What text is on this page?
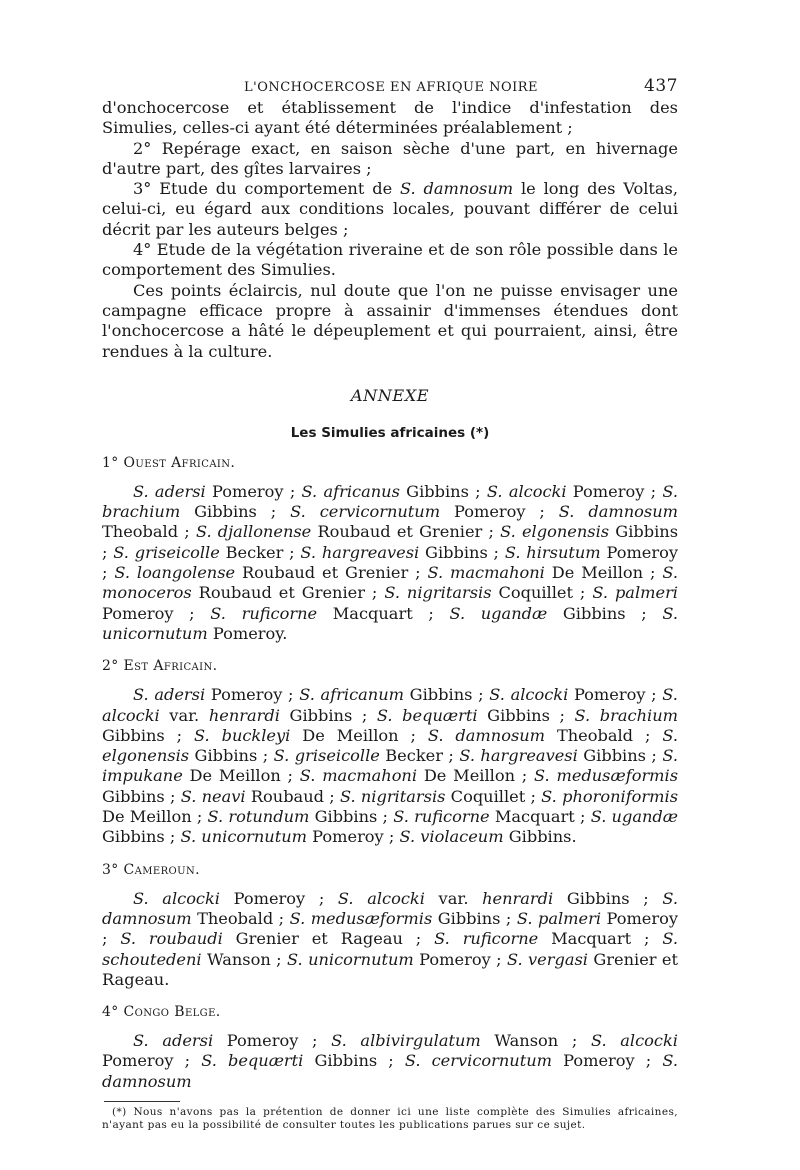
L'ONCHOCERCOSE EN AFRIQUE NOIRE	437

d'onchocercose et établissement de l'indice d'infestation des Simulies, celles-ci ayant été déterminées préalablement ;

2° Repérage exact, en saison sèche d'une part, en hivernage d'autre part, des gîtes larvaires ;

3° Etude du comportement de S. damnosum le long des Voltas, celui-ci, eu égard aux conditions locales, pouvant différer de celui décrit par les auteurs belges ;

4° Etude de la végétation riveraine et de son rôle possible dans le comportement des Simulies.

Ces points éclaircis, nul doute que l'on ne puisse envisager une campagne efficace propre à assainir d'immenses étendues dont l'onchocercose a hâté le dépeuplement et qui pourraient, ainsi, être rendues à la culture.

ANNEXE
Les Simulies africaines (*)
1° Ouest Africain.

S. adersi Pomeroy ; S. africanus Gibbins ; S. alcocki Pomeroy ; S. brachium Gibbins ; S. cervicornutum Pomeroy ; S. damnosum Theobald ; S. djallonense Roubaud et Grenier ; S. elgonensis Gibbins ; S. griseicolle Becker ; S. hargreavesi Gibbins ; S. hirsutum Pomeroy ; S. loangolense Roubaud et Grenier ; S. macmahoni De Meillon ; S. monoceros Roubaud et Grenier ; S. nigritarsis Coquillet ; S. palmeri Pomeroy ; S. ruficorne Macquart ; S. ugandæ Gibbins ; S. unicornutum Pomeroy.

2° Est Africain.

S. adersi Pomeroy ; S. africanum Gibbins ; S. alcocki Pomeroy ; S. alcocki var. henrardi Gibbins ; S. bequærti Gibbins ; S. brachium Gibbins ; S. buckleyi De Meillon ; S. damnosum Theobald ; S. elgonensis Gibbins ; S. griseicolle Becker ; S. hargreavesi Gibbins ; S. impukane De Meillon ; S. macmahoni De Meillon ; S. medusæformis Gibbins ; S. neavi Roubaud ; S. nigritarsis Coquillet ; S. phoroniformis De Meillon ; S. rotundum Gibbins ; S. ruficorne Macquart ; S. ugandæ Gibbins ; S. unicornutum Pomeroy ; S. violaceum Gibbins.

3° Cameroun.

S. alcocki Pomeroy ; S. alcocki var. henrardi Gibbins ; S. damnosum Theobald ; S. medusæformis Gibbins ; S. palmeri Pomeroy ; S. roubaudi Grenier et Rageau ; S. ruficorne Macquart ; S. schoutedeni Wanson ; S. unicornutum Pomeroy ; S. vergasi Grenier et Rageau.

4° Congo Belge.

S. adersi Pomeroy ; S. albivirgulatum Wanson ; S. alcocki Pomeroy ; S. bequærti Gibbins ; S. cervicornutum Pomeroy ; S. damnosum

(*) Nous n'avons pas la prétention de donner ici une liste complète des Simulies africaines, n'ayant pas eu la possibilité de consulter toutes les publications parues sur ce sujet.
